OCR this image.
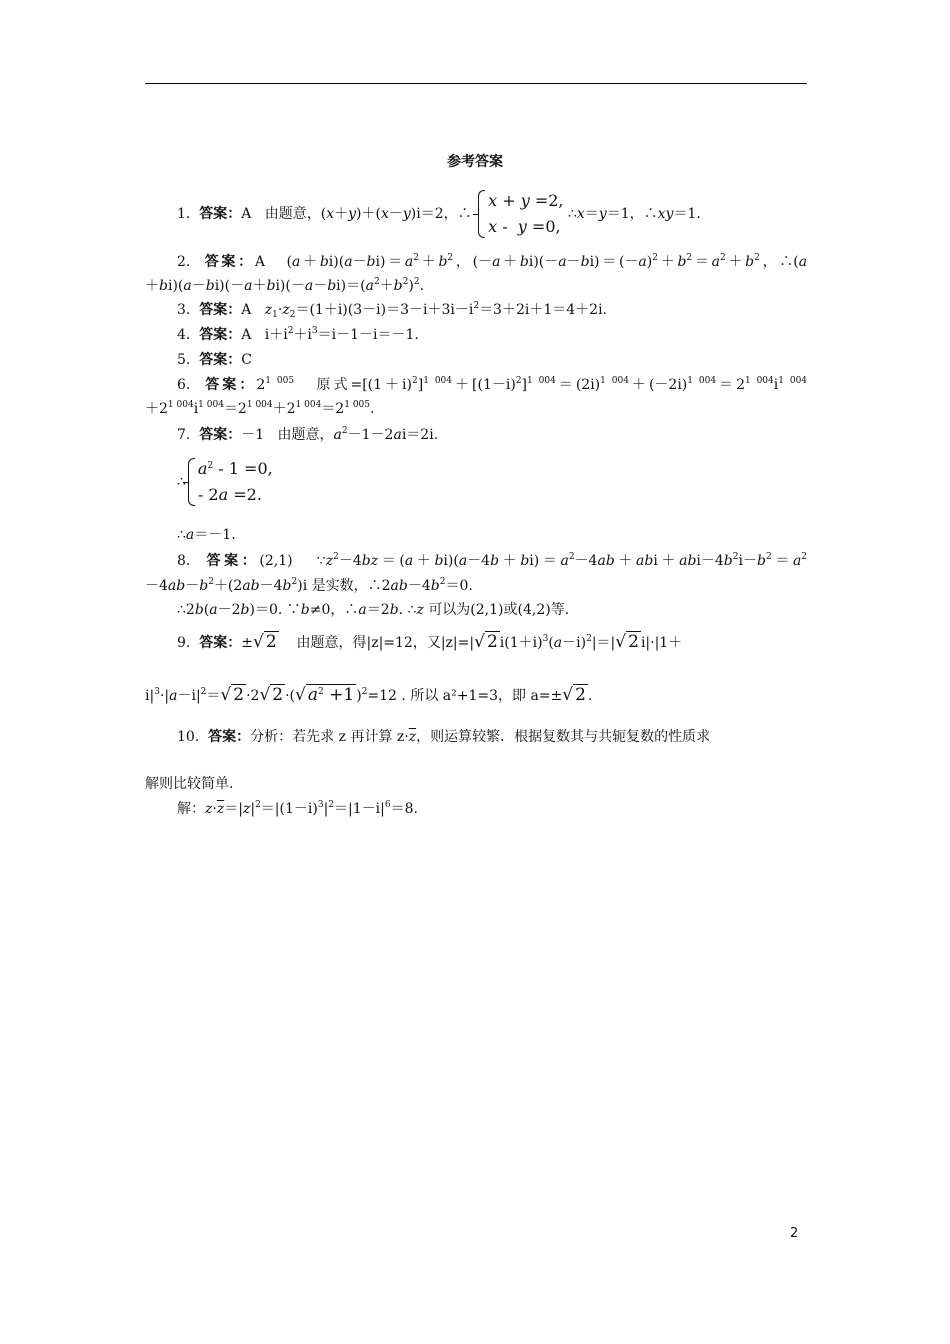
参考答案
1. 答案：A   由题意，(x＋y)＋(x－y)i＝2，∴
x + y =2,
x -  y =0,
∴x＝y＝1，∴xy＝1.
2. 答案：A   $(a+bi)(a-bi)=a^2+b^2$，$(-a+bi)(-a-bi)=(-a)^2+b^2=a^2+b^2$，∴(a
$+bi)(a-bi)(-a+bi)(-a-bi)=(a^2+b^2)^2$.
3. 答案：A $z_1\cdot z_2=(1+i)(3-i)=3-i+3i-i^2=3+2i+1=4+2i$.
4. 答案：A   $i+i^2+i^3=i-1-i=-1$.
5. 答案：C
6. 答案：$2^{1 005}$ 原式$=[(1+i)^2]^{1 004}+[(1-i)^2]^{1 004}=(2i)^{1 004}+(-2i)^{1 004}=2^{1 004}i^{1 004}$
$+2^{1 004}i^{1 004}=2^{1 004}+2^{1 004}=2^{1 005}$.
7. 答案：－1 由题意，$a^2-1-2ai=2i$.
∴
$a^2 - 1 =0$,
- 2a =2.
∴a＝－1.
8. 答案：(2,1)   $\because z^2-4bz=(a+bi)(a-4b+bi)=a^2-4ab+abi+abi-4b^2i-b^2=a^2$
$-4ab-b^2+(2ab-4b^2)i$ 是实数，$\therefore 2ab-4b^2=0$.
∴2b(a－2b)＝0. ∵b≠0，∴a＝2b. ∴z 可以为(2,1)或(4,2)等.
9. 答案：±√ 2 由题意，得|z|=12，又|z|=|√ 2 $i(1+i)^3(a-i)^2|=|√$ 2 i|·|1＋
$i|^3\cdot|a-i|^2=√$ 2 ·2√ 2 ·(√ $a^2 +1$ )$^2$=12 . 所以 a²+1=3，即 a=±√ 2 .
10. 答案：分析：若先求 z 再计算 $z\cdot\overline{z}$，则运算较繁．根据复数其与共轭复数的性质求
解则比较简单．
解：$z\cdot\overline{z}=|z|^2=|(1-i)^3|^2=|1-i|^6=8$.
2
